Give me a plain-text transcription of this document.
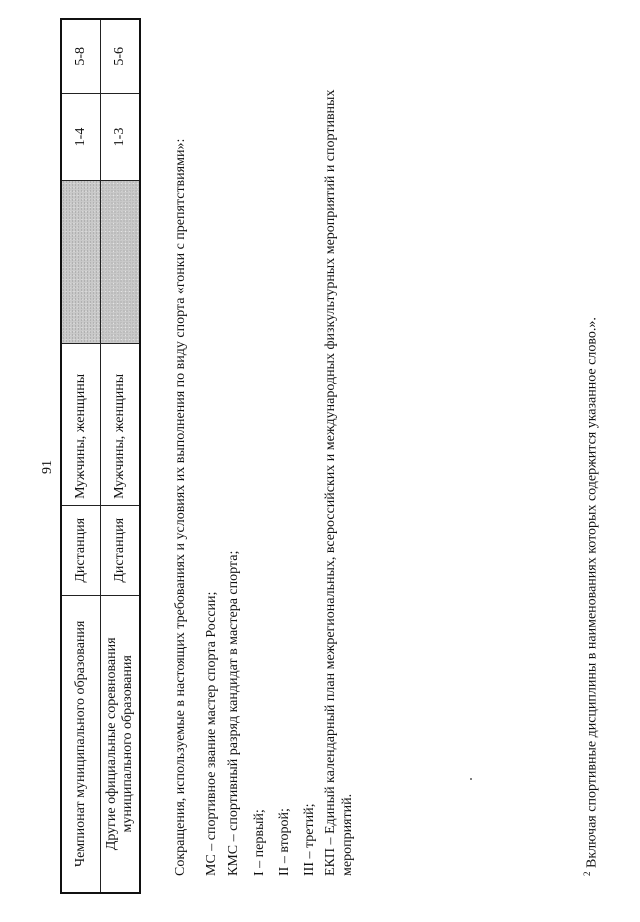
91
Чемпионат муниципального образования	Дистанция	Мужчины, женщины		1-4	5-8
Другие официальные соревнования муниципального образования	Дистанция	Мужчины, женщины		1-3	5-6
Сокращения, используемые в настоящих требованиях и условиях их выполнения по виду спорта «гонки с препятствиями»: МС – спортивное звание мастер спорта России; КМС – спортивный разряд кандидат в мастера спорта; I – первый; II – второй; III – третий; ЕКП – Единый календарный план межрегиональных, всероссийских и международных физкультурных мероприятий и спортивных мероприятий.	$^2$ Включая спортивные дисциплины в наименованиях которых содержится указанное слово.».
